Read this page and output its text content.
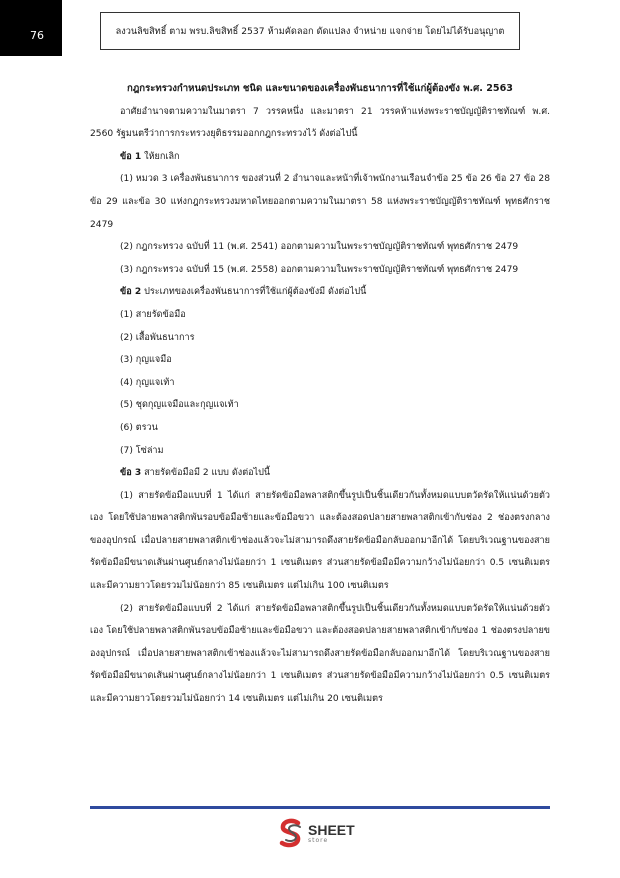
76	ลงวนลิขสิทธิ์ ตาม พรบ.ลิขสิทธิ์ 2537 ห้ามคัดลอก ดัดแปลง จำหน่าย แจกจ่าย โดยไม่ได้รับอนุญาต

กฎกระทรวงกำหนดประเภท ชนิด และขนาดของเครื่องพันธนาการที่ใช้แก่ผู้ต้องขัง พ.ศ. 2563

อาศัยอำนาจตามความในมาตรา 7 วรรคหนึ่ง และมาตรา 21 วรรคห้าแห่งพระราชบัญญัติราชทัณฑ์ พ.ศ. 2560 รัฐมนตรีว่าการกระทรวงยุติธรรมออกกฎกระทรวงไว้ ดังต่อไปนี้

ข้อ 1 ให้ยกเลิก

(1) หมวด 3 เครื่องพันธนาการ ของส่วนที่ 2 อำนาจและหน้าที่เจ้าพนักงานเรือนจำข้อ 25 ข้อ 26 ข้อ 27 ข้อ 28 ข้อ 29 และข้อ 30 แห่งกฎกระทรวงมหาดไทยออกตามความในมาตรา 58 แห่งพระราชบัญญัติราชทัณฑ์ พุทธศักราช 2479

(2) กฎกระทรวง ฉบับที่ 11 (พ.ศ. 2541) ออกตามความในพระราชบัญญัติราชทัณฑ์ พุทธศักราช 2479

(3) กฎกระทรวง ฉบับที่ 15 (พ.ศ. 2558) ออกตามความในพระราชบัญญัติราชทัณฑ์ พุทธศักราช 2479

ข้อ 2 ประเภทของเครื่องพันธนาการที่ใช้แก่ผู้ต้องขังมี ดังต่อไปนี้

(1) สายรัดข้อมือ

(2) เสื้อพันธนาการ

(3) กุญแจมือ

(4) กุญแจเท้า

(5) ชุดกุญแจมือและกุญแจเท้า

(6) ตรวน

(7) โซ่ล่าม

ข้อ 3 สายรัดข้อมือมี 2 แบบ ดังต่อไปนี้

(1) สายรัดข้อมือแบบที่ 1 ได้แก่ สายรัดข้อมือพลาสติกขึ้นรูปเป็นชิ้นเดียวกันทั้งหมดแบบตวัดรัดให้แน่นด้วยตัวเอง โดยใช้ปลายพลาสติกพันรอบข้อมือซ้ายและข้อมือขวา และต้องสอดปลายสายพลาสติกเข้ากับช่อง 2 ช่องตรงกลางของอุปกรณ์ เมื่อปลายสายพลาสติกเข้าช่องแล้วจะไม่สามารถดึงสายรัดข้อมือกลับออกมาอีกได้ โดยบริเวณฐานของสายรัดข้อมือมีขนาดเส้นผ่านศูนย์กลางไม่น้อยกว่า 1 เซนติเมตร ส่วนสายรัดข้อมือมีความกว้างไม่น้อยกว่า 0.5 เซนติเมตร และมีความยาวโดยรวมไม่น้อยกว่า 85 เซนติเมตร แต่ไม่เกิน 100 เซนติเมตร

(2) สายรัดข้อมือแบบที่ 2 ได้แก่ สายรัดข้อมือพลาสติกขึ้นรูปเป็นชิ้นเดียวกันทั้งหมดแบบตวัดรัดให้แน่นด้วยตัวเอง โดยใช้ปลายพลาสติกพันรอบข้อมือซ้ายและข้อมือขวา และต้องสอดปลายสายพลาสติกเข้ากับช่อง 1 ช่องตรงปลายของอุปกรณ์ เมื่อปลายสายพลาสติกเข้าช่องแล้วจะไม่สามารถดึงสายรัดข้อมือกลับออกมาอีกได้ โดยบริเวณฐานของสายรัดข้อมือมีขนาดเส้นผ่านศูนย์กลางไม่น้อยกว่า 1 เซนติเมตร ส่วนสายรัดข้อมือมีความกว้างไม่น้อยกว่า 0.5 เซนติเมตร และมีความยาวโดยรวมไม่น้อยกว่า 14 เซนติเมตร แต่ไม่เกิน 20 เซนติเมตร

SHEET
store
